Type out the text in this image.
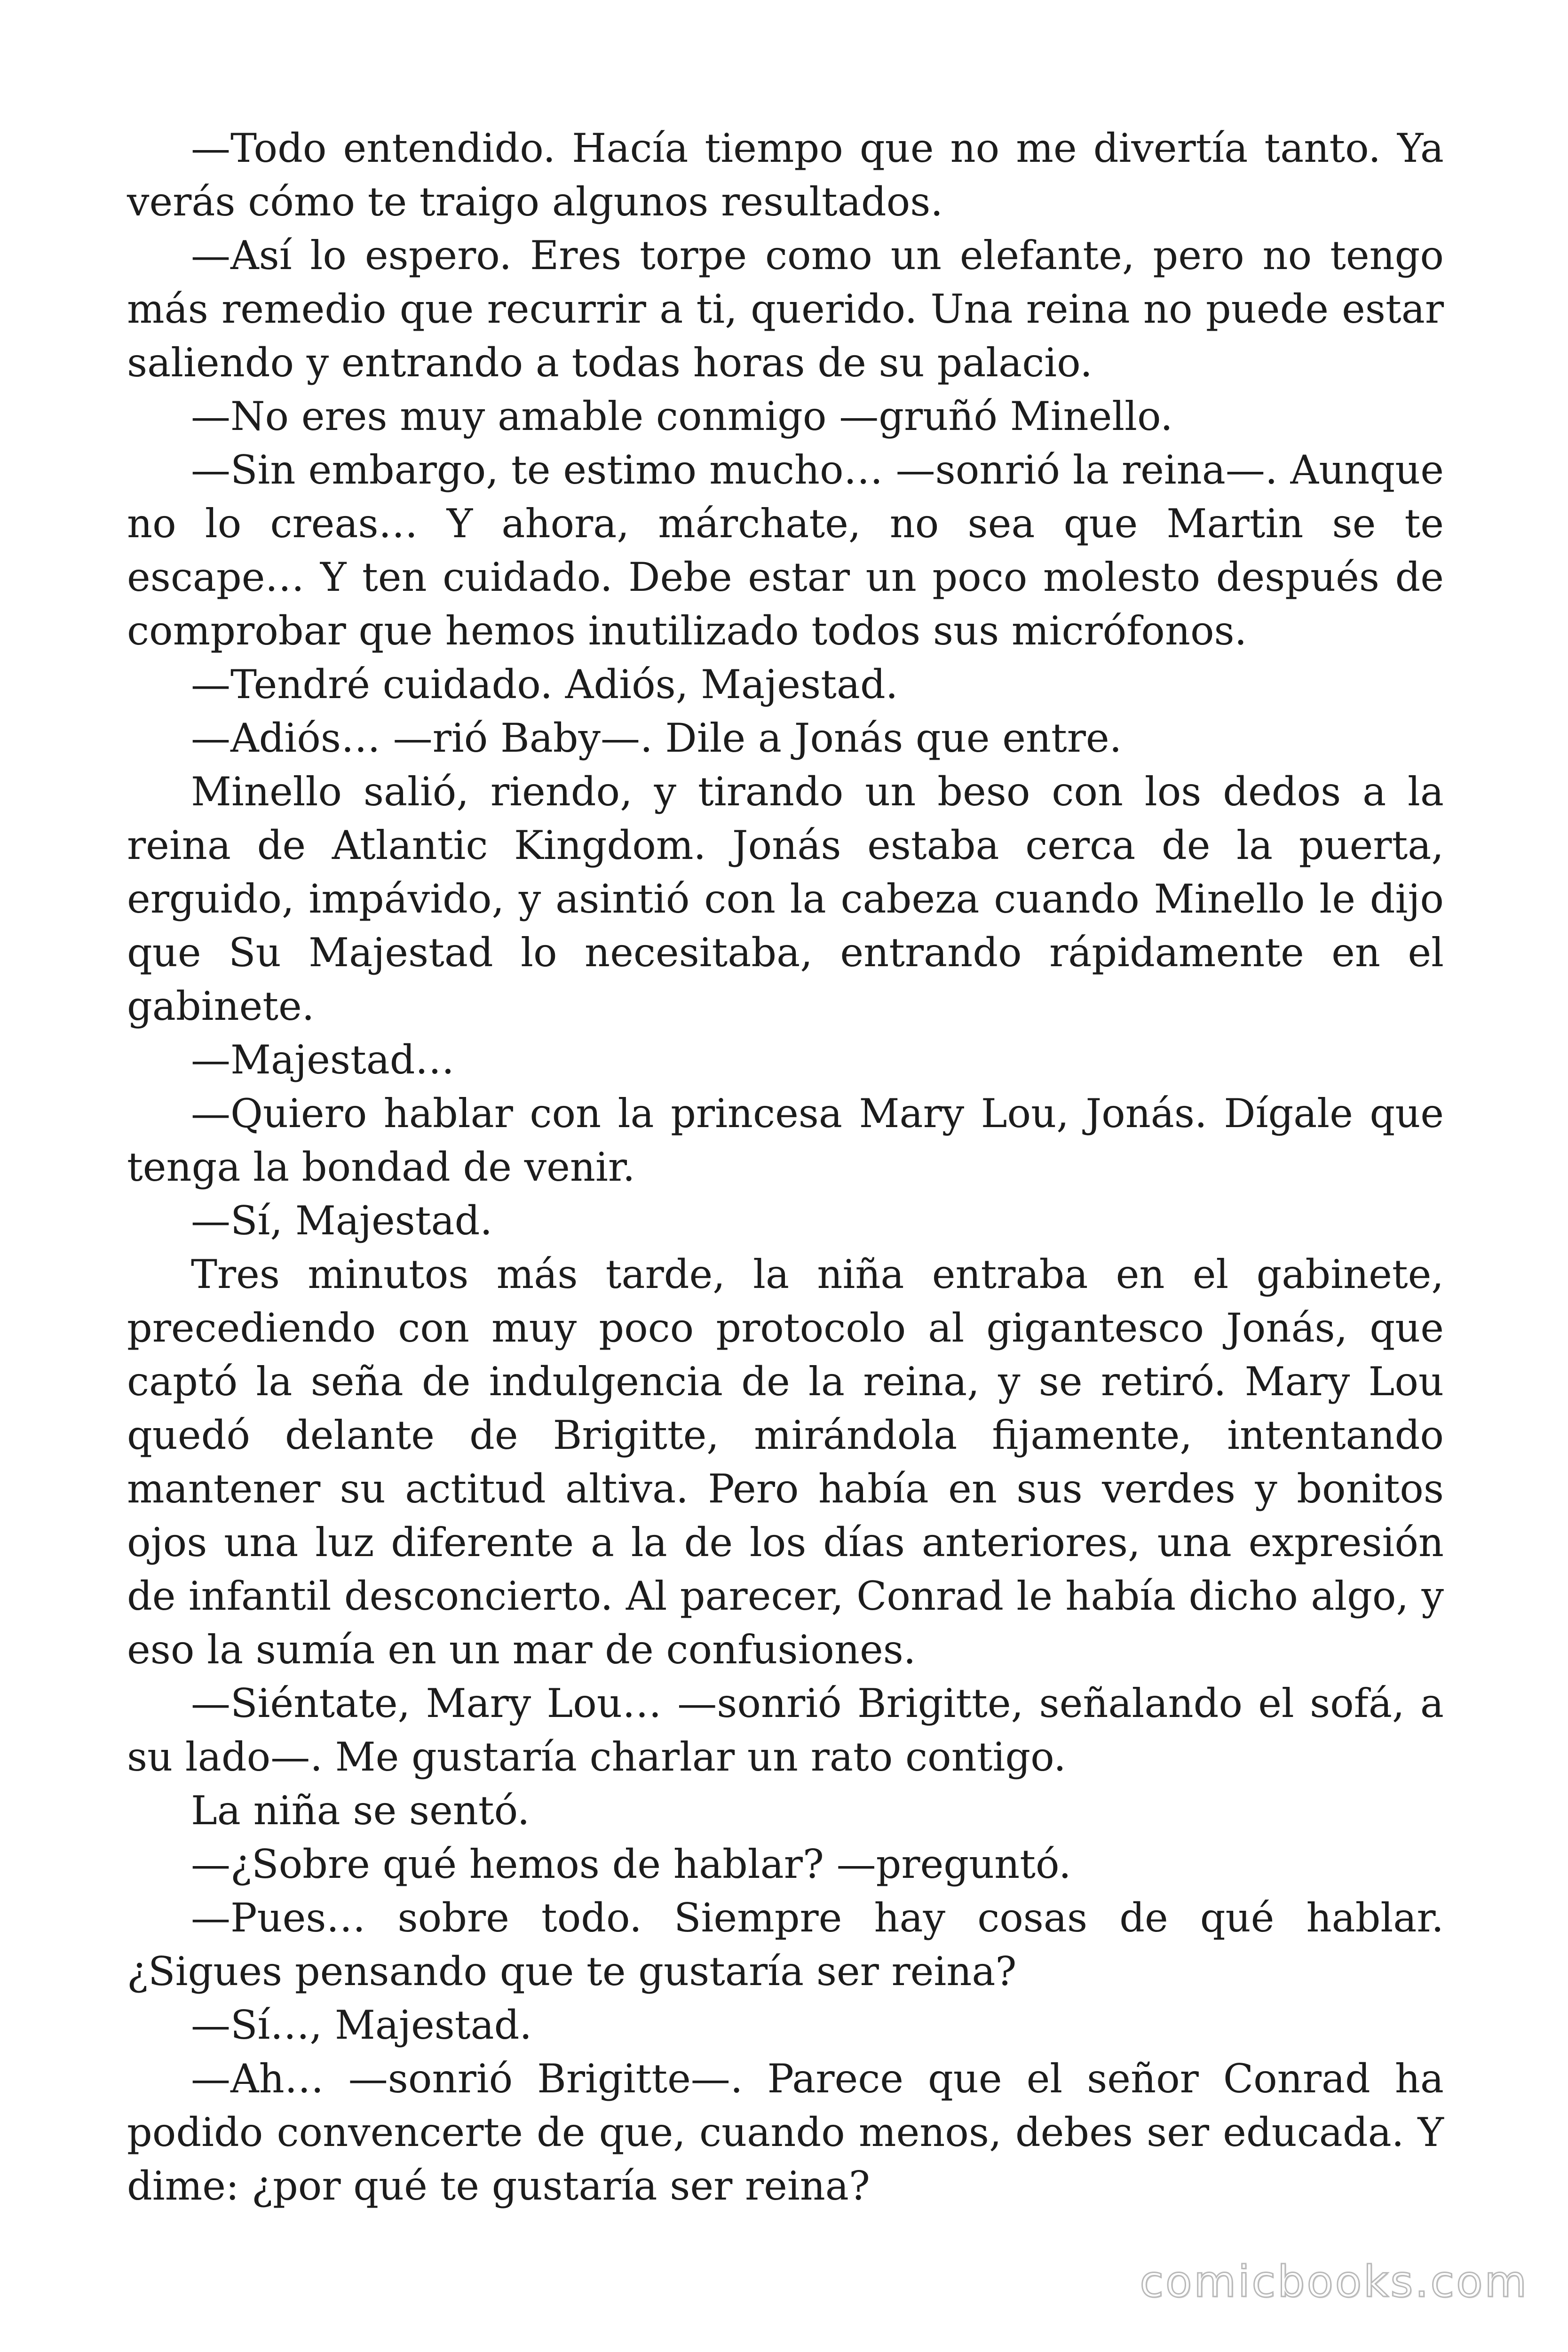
—Todo entendido. Hacía tiempo que no me divertía tanto. Ya verás cómo te traigo algunos resultados.

—Así lo espero. Eres torpe como un elefante, pero no tengo más remedio que recurrir a ti, querido. Una reina no puede estar saliendo y entrando a todas horas de su palacio.

—No eres muy amable conmigo —gruñó Minello.

—Sin embargo, te estimo mucho… —sonrió la reina—. Aunque no lo creas… Y ahora, márchate, no sea que Martin se te escape… Y ten cuidado. Debe estar un poco molesto después de comprobar que hemos inutilizado todos sus micrófonos.

—Tendré cuidado. Adiós, Majestad.

—Adiós… —rió Baby—. Dile a Jonás que entre.

Minello salió, riendo, y tirando un beso con los dedos a la reina de Atlantic Kingdom. Jonás estaba cerca de la puerta, erguido, impávido, y asintió con la cabeza cuando Minello le dijo que Su Majestad lo necesitaba, entrando rápidamente en el gabinete.

—Majestad…

—Quiero hablar con la princesa Mary Lou, Jonás. Dígale que tenga la bondad de venir.

—Sí, Majestad.

Tres minutos más tarde, la niña entraba en el gabinete, precediendo con muy poco protocolo al gigantesco Jonás, que captó la seña de indulgencia de la reina, y se retiró. Mary Lou quedó delante de Brigitte, mirándola fijamente, intentando mantener su actitud altiva. Pero había en sus verdes y bonitos ojos una luz diferente a la de los días anteriores, una expresión de infantil desconcierto. Al parecer, Conrad le había dicho algo, y eso la sumía en un mar de confusiones.

—Siéntate, Mary Lou… —sonrió Brigitte, señalando el sofá, a su lado—. Me gustaría charlar un rato contigo.

La niña se sentó.

—¿Sobre qué hemos de hablar? —preguntó.

—Pues… sobre todo. Siempre hay cosas de qué hablar. ¿Sigues pensando que te gustaría ser reina?

—Sí…, Majestad.

—Ah… —sonrió Brigitte—. Parece que el señor Conrad ha podido convencerte de que, cuando menos, debes ser educada. Y dime: ¿por qué te gustaría ser reina?

comicbooks.com
